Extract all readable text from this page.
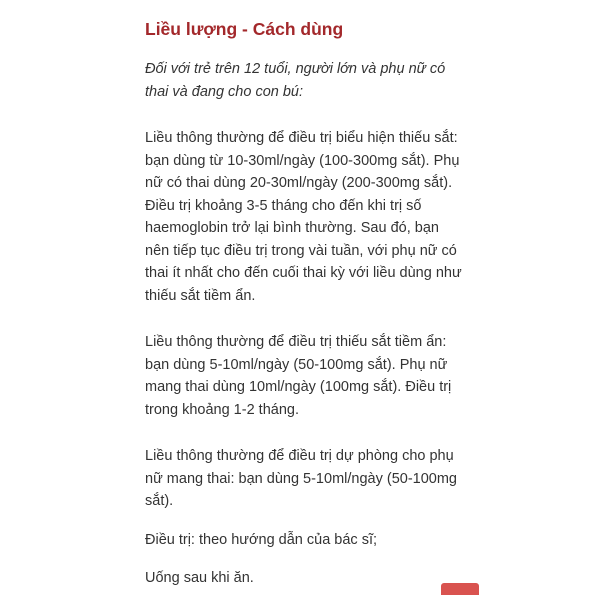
Liều lượng - Cách dùng

Đối với trẻ trên 12 tuổi, người lớn và phụ nữ có thai và đang cho con bú:

Liều thông thường để điều trị biểu hiện thiếu sắt: bạn dùng từ 10-30ml/ngày (100-300mg sắt). Phụ nữ có thai dùng 20-30ml/ngày (200-300mg sắt). Điều trị khoảng 3-5 tháng cho đến khi trị số haemoglobin trở lại bình thường. Sau đó, bạn nên tiếp tục điều trị trong vài tuần, với phụ nữ có thai ít nhất cho đến cuối thai kỳ với liều dùng như thiếu sắt tiềm ẩn.

Liều thông thường để điều trị thiếu sắt tiềm ẩn: bạn dùng 5-10ml/ngày (50-100mg sắt). Phụ nữ mang thai dùng 10ml/ngày (100mg sắt). Điều trị trong khoảng 1-2 tháng.

Liều thông thường để điều trị dự phòng cho phụ nữ mang thai: bạn dùng 5-10ml/ngày (50-100mg sắt).

Điều trị: theo hướng dẫn của bác sĩ;

Uống sau khi ăn.
